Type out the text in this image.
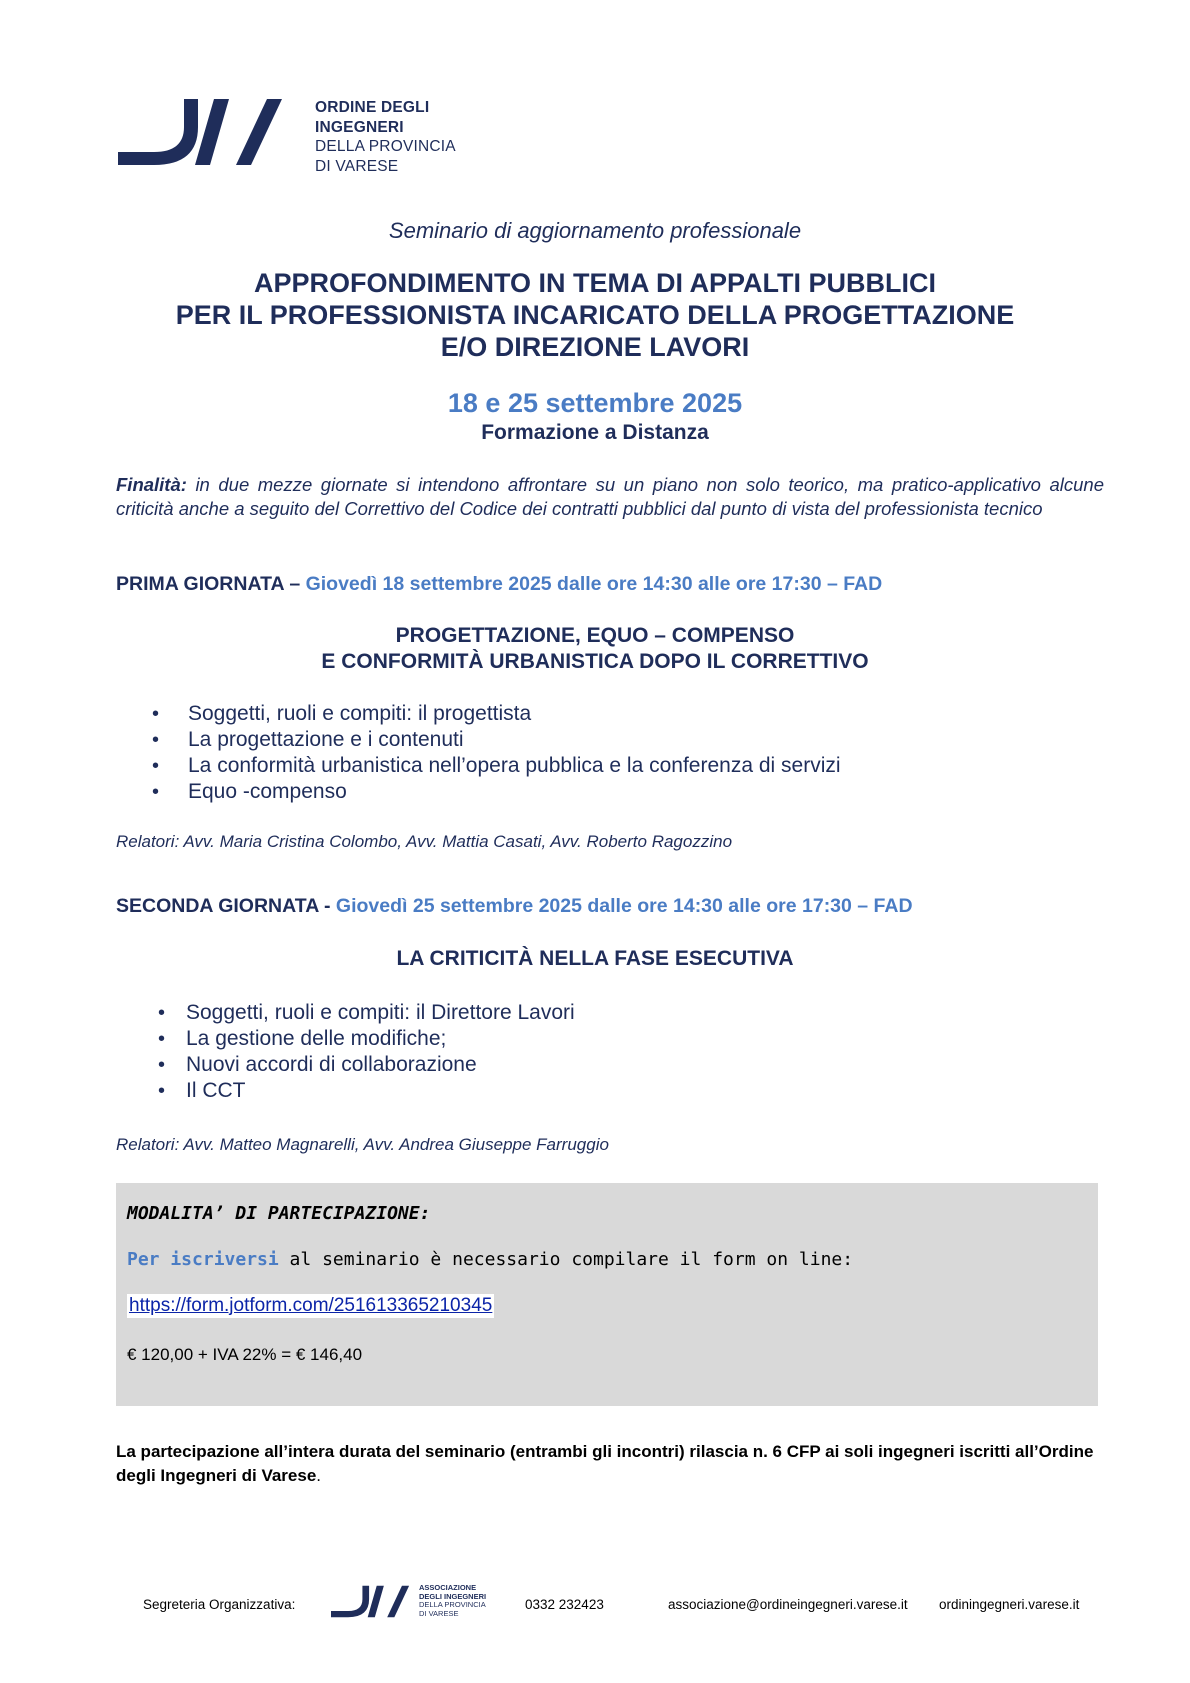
ORDINE DEGLI
INGEGNERI
DELLA PROVINCIA
DI VARESE
Seminario di aggiornamento professionale
APPROFONDIMENTO IN TEMA DI APPALTI PUBBLICI
PER IL PROFESSIONISTA INCARICATO DELLA PROGETTAZIONE
E/O DIREZIONE LAVORI
18 e 25 settembre 2025
Formazione a Distanza
Finalità: in due mezze giornate si intendono affrontare su un piano non solo teorico, ma pratico-applicativo alcune criticità anche a seguito del Correttivo del Codice dei contratti pubblici dal punto di vista del professionista tecnico
PRIMA GIORNATA – Giovedì 18 settembre 2025 dalle ore 14:30 alle ore 17:30 – FAD
PROGETTAZIONE, EQUO – COMPENSO
E CONFORMITÀ URBANISTICA DOPO IL CORRETTIVO
• Soggetti, ruoli e compiti: il progettista
• La progettazione e i contenuti
• La conformità urbanistica nell’opera pubblica e la conferenza di servizi
• Equo -compenso
Relatori: Avv. Maria Cristina Colombo, Avv. Mattia Casati, Avv. Roberto Ragozzino
SECONDA GIORNATA - Giovedì 25 settembre 2025 dalle ore 14:30 alle ore 17:30 – FAD
LA CRITICITÀ NELLA FASE ESECUTIVA
• Soggetti, ruoli e compiti: il Direttore Lavori
• La gestione delle modifiche;
• Nuovi accordi di collaborazione
• Il CCT
Relatori: Avv. Matteo Magnarelli, Avv. Andrea Giuseppe Farruggio
MODALITA’ DI PARTECIPAZIONE:
Per iscriversi al seminario è necessario compilare il form on line:
https://form.jotform.com/251613365210345
€ 120,00 + IVA 22% = € 146,40
La partecipazione all’intera durata del seminario (entrambi gli incontri) rilascia n. 6 CFP ai soli ingegneri iscritti all’Ordine degli Ingegneri di Varese.
Segreteria Organizzativa:
ASSOCIAZIONE
DEGLI INGEGNERI
DELLA PROVINCIA
DI VARESE
0332 232423	associazione@ordineingegneri.varese.it ordiningegneri.varese.it
